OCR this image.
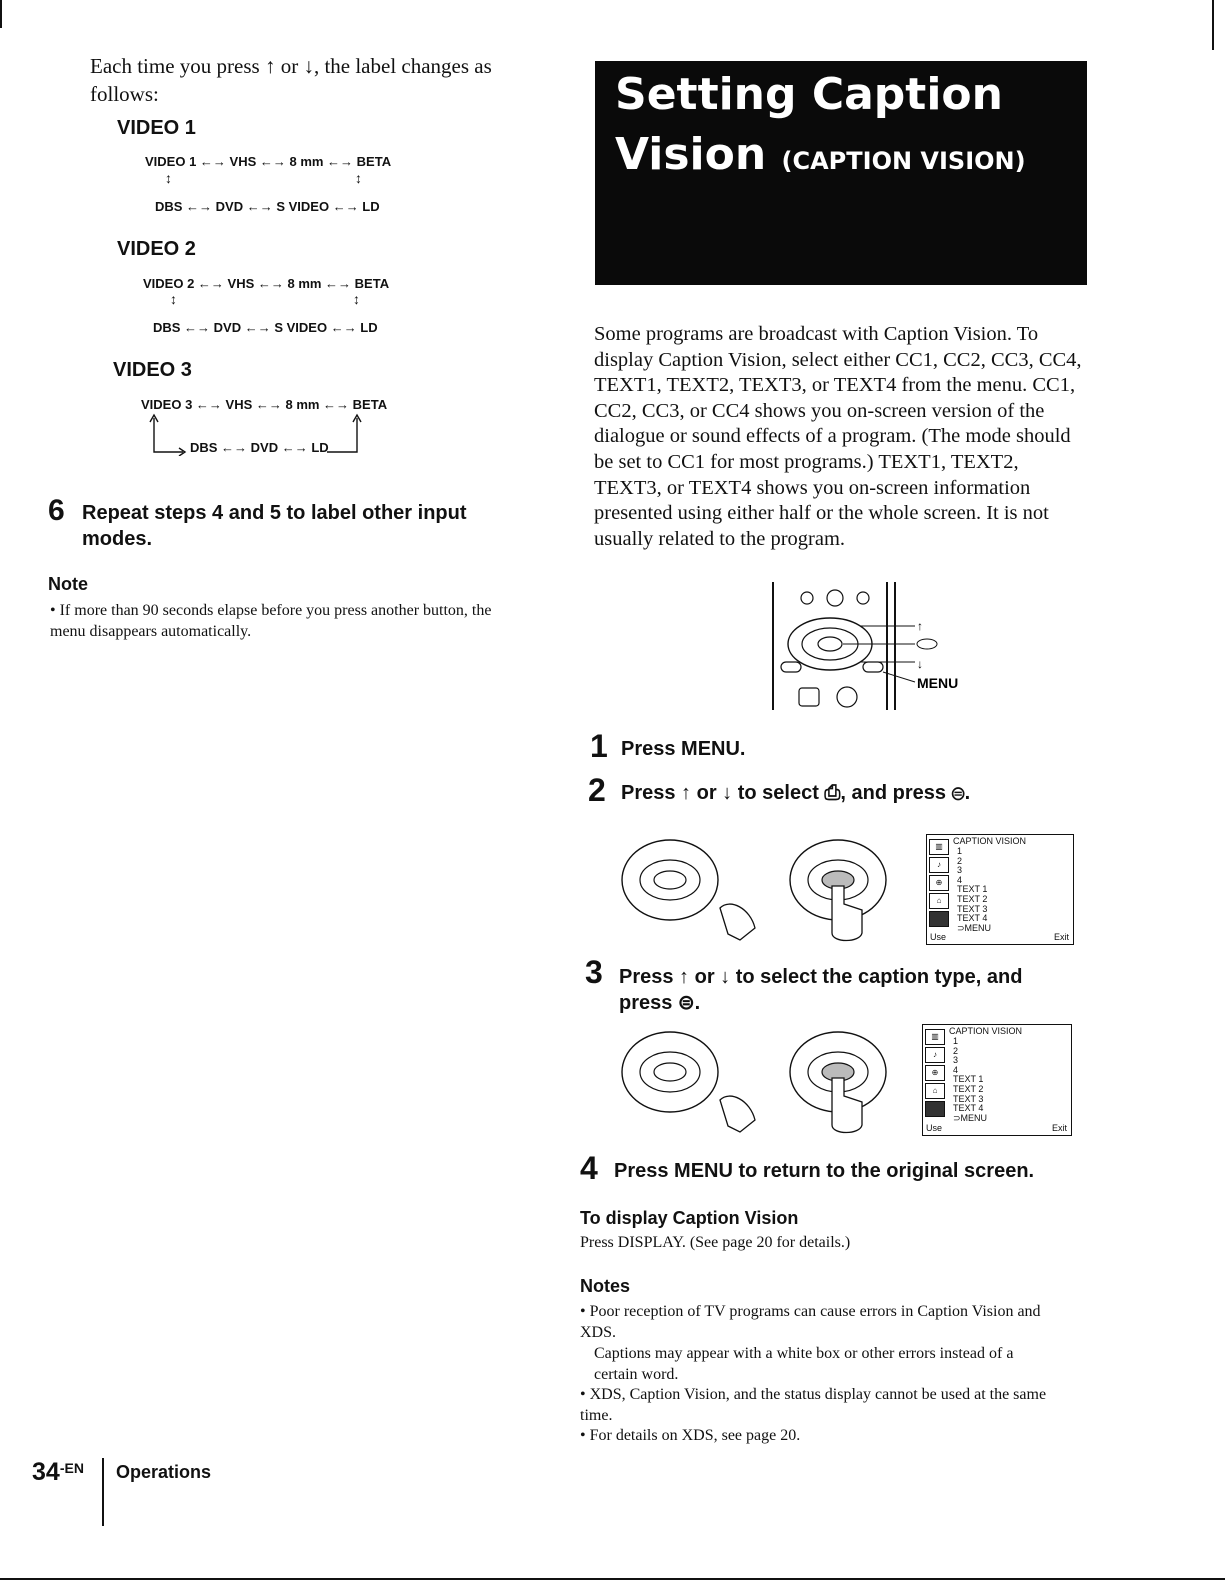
Each time you press ↑ or ↓, the label changes as follows:
VIDEO 1
VIDEO 1 ←→ VHS ←→ 8 mm ←→ BETA
↕	↕
DBS ←→ DVD ←→ S VIDEO ←→ LD
VIDEO 2
VIDEO 2 ←→ VHS ←→ 8 mm ←→ BETA
↕	↕
DBS ←→ DVD ←→ S VIDEO ←→ LD
VIDEO 3
VIDEO 3 ←→ VHS ←→ 8 mm ←→ BETA
DBS ←→ DVD ←→ LD
6 Repeat steps 4 and 5 to label other input modes.
Note
• If more than 90 seconds elapse before you press another button, the menu disappears automatically.
Setting Caption
Vision (CAPTION VISION)
Some programs are broadcast with Caption Vision. To display Caption Vision, select either CC1, CC2, CC3, CC4, TEXT1, TEXT2, TEXT3, or TEXT4 from the menu. CC1, CC2, CC3, or CC4 shows you on-screen version of the dialogue or sound effects of a program. (The mode should be set to CC1 for most programs.) TEXT1, TEXT2, TEXT3, or TEXT4 shows you on-screen information presented using either half or the whole screen. It is not usually related to the program.
↑
↓
MENU
1 Press MENU.
2 Press ↑ or ↓ to select ⎙, and press ⊜.
▥
♪
⊕
⌂
CAPTION VISION
1
2
3
4
TEXT 1
TEXT 2
TEXT 3
TEXT 4
⊃MENU
Use	Exit
3 Press ↑ or ↓ to select the caption type, and press ⊜.
▥
♪
⊕
⌂
CAPTION VISION
1
2
3
4
TEXT 1
TEXT 2
TEXT 3
TEXT 4
⊃MENU
Use	Exit
4 Press MENU to return to the original screen.
To display Caption Vision
Press DISPLAY. (See page 20 for details.)
Notes
• Poor reception of TV programs can cause errors in Caption Vision and XDS.
Captions may appear with a white box or other errors instead of a certain word.
• XDS, Caption Vision, and the status display cannot be used at the same time.
• For details on XDS, see page 20.
$34^{-EN}$ Operations
